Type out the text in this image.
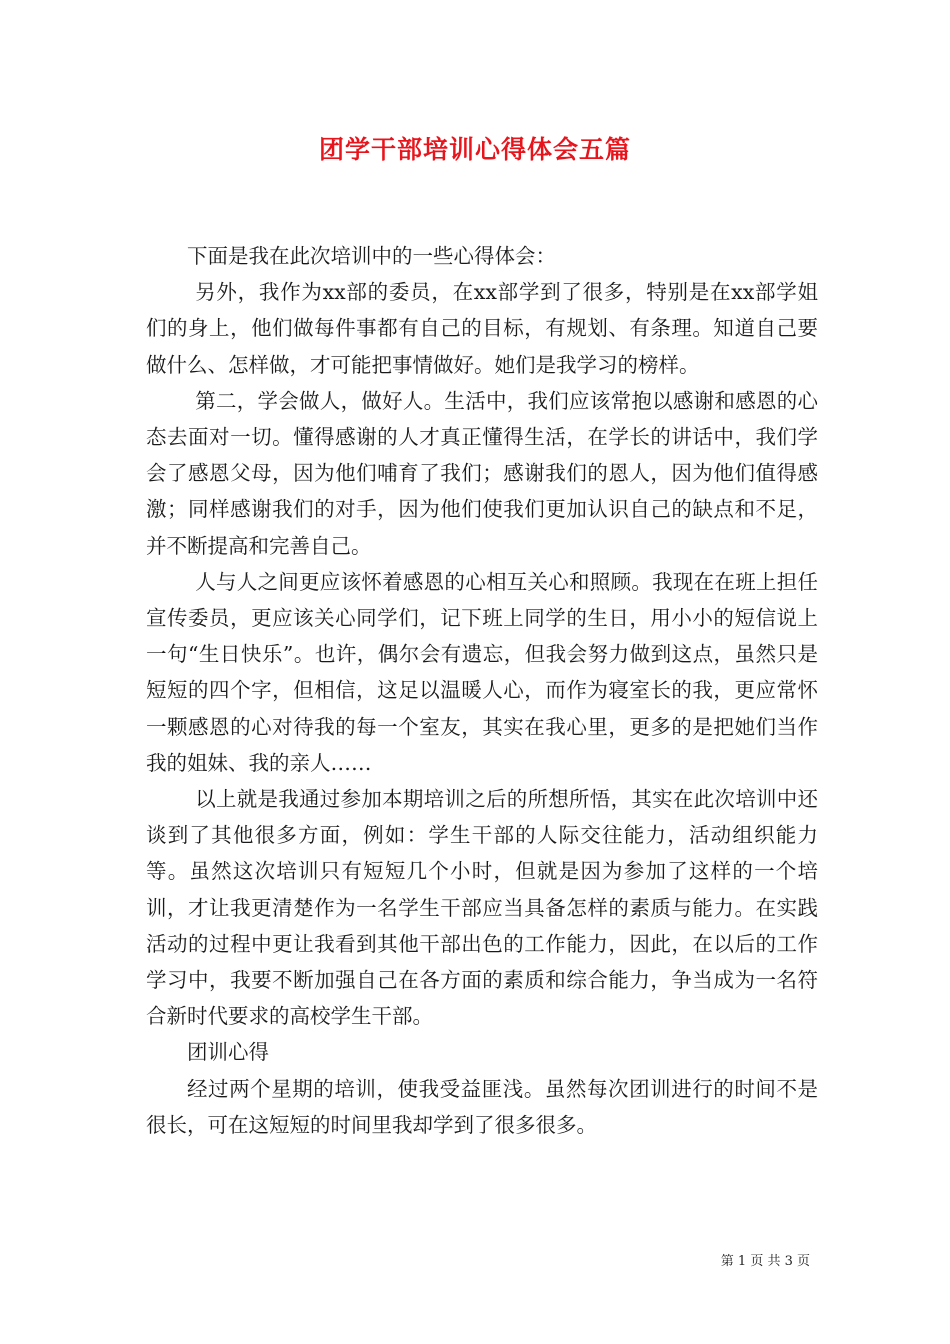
团学干部培训心得体会五篇

下面是我在此次培训中的一些心得体会：

另外，我作为xx部的委员，在xx部学到了很多，特别是在xx部学姐们的身上，他们做每件事都有自己的目标，有规划、有条理。知道自己要做什么、怎样做，才可能把事情做好。她们是我学习的榜样。

第二，学会做人，做好人。生活中，我们应该常抱以感谢和感恩的心态去面对一切。懂得感谢的人才真正懂得生活，在学长的讲话中，我们学会了感恩父母，因为他们哺育了我们；感谢我们的恩人，因为他们值得感激；同样感谢我们的对手，因为他们使我们更加认识自己的缺点和不足，并不断提高和完善自己。

人与人之间更应该怀着感恩的心相互关心和照顾。我现在在班上担任宣传委员，更应该关心同学们，记下班上同学的生日，用小小的短信说上一句“生日快乐”。也许，偶尔会有遗忘，但我会努力做到这点，虽然只是短短的四个字，但相信，这足以温暖人心，而作为寝室长的我，更应常怀一颗感恩的心对待我的每一个室友，其实在我心里，更多的是把她们当作我的姐妹、我的亲人……

以上就是我通过参加本期培训之后的所想所悟，其实在此次培训中还谈到了其他很多方面，例如：学生干部的人际交往能力，活动组织能力等。虽然这次培训只有短短几个小时，但就是因为参加了这样的一个培训，才让我更清楚作为一名学生干部应当具备怎样的素质与能力。在实践活动的过程中更让我看到其他干部出色的工作能力，因此，在以后的工作学习中，我要不断加强自己在各方面的素质和综合能力，争当成为一名符合新时代要求的高校学生干部。

团训心得

经过两个星期的培训，使我受益匪浅。虽然每次团训进行的时间不是很长，可在这短短的时间里我却学到了很多很多。

第 1 页 共 3 页
